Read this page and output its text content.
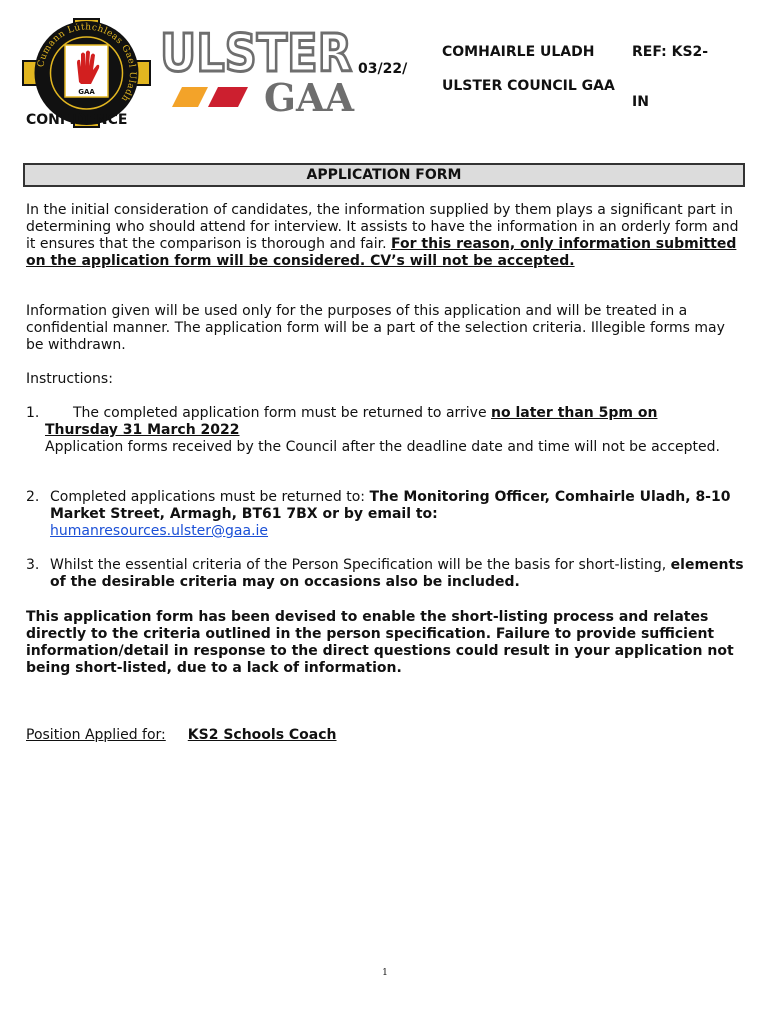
Cumann Lúthchleas Gael Uladh
GAA
ULSTER
GAA
03/22/
COMHAIRLE ULADH	REF: KS2-
ULSTER COUNCIL GAA
IN
CONFIDENCE
APPLICATION FORM
In the initial consideration of candidates, the information supplied by them plays a significant part in determining who should attend for interview. It assists to have the information in an orderly form and it ensures that the comparison is thorough and fair. For this reason, only information submitted on the application form will be considered. CV’s will not be accepted.
Information given will be used only for the purposes of this application and will be treated in a confidential manner. The application form will be a part of the selection criteria. Illegible forms may be withdrawn.
Instructions:
1. The completed application form must be returned to arrive no later than 5pm on
Thursday 31 March 2022
Application forms received by the Council after the deadline date and time will not be accepted.
2. Completed applications must be returned to: The Monitoring Officer, Comhairle Uladh, 8-10 Market Street, Armagh, BT61 7BX or by email to:
humanresources.ulster@gaa.ie
3. Whilst the essential criteria of the Person Specification will be the basis for short-listing, elements of the desirable criteria may on occasions also be included.
This application form has been devised to enable the short-listing process and relates directly to the criteria outlined in the person specification. Failure to provide sufficient information/detail in response to the direct questions could result in your application not being short-listed, due to a lack of information.
Position Applied for: KS2 Schools Coach
1
